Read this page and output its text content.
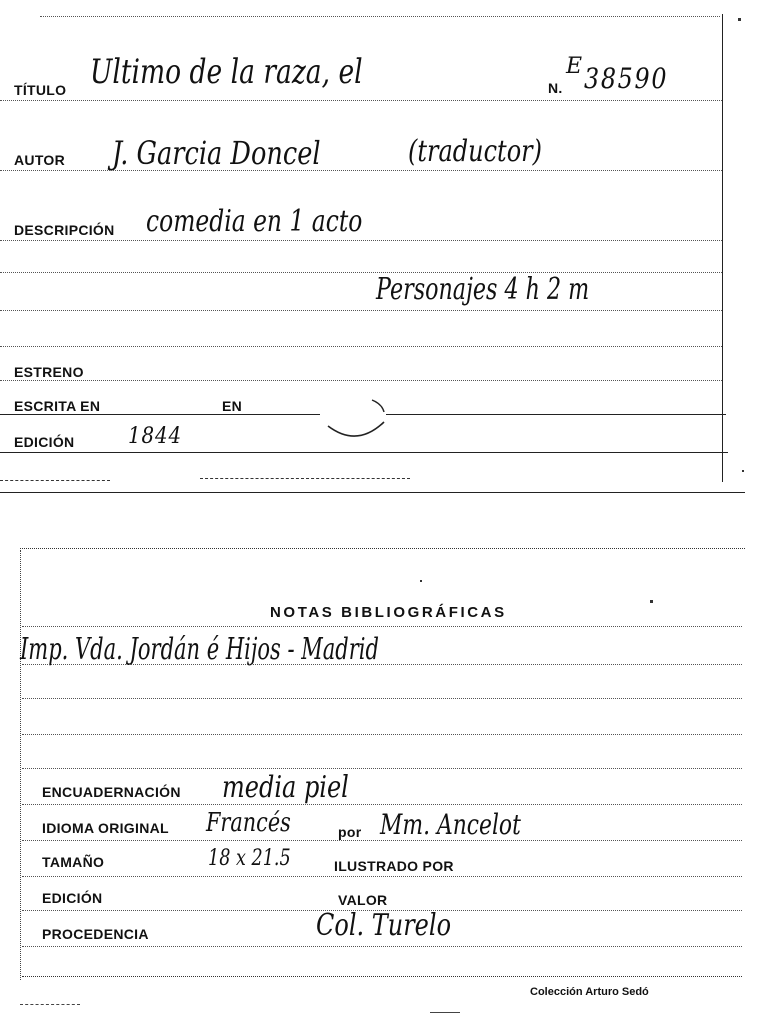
TÍTULO Ultimo de la raza, el	N.
E 38590
AUTOR J. Garcia Doncel	(traductor)
DESCRIPCIÓN comedia en 1 acto
Personajes 4 h 2 m
ESTRENO
ESCRITA EN	EN
EDICIÓN 1844
NOTAS BIBLIOGRÁFICAS
Imp. Vda. Jordán é Hijos - Madrid
ENCUADERNACIÓN media piel
IDIOMA ORIGINAL Francés	por Mm. Ancelot
TAMAÑO	18 x 21.5	ILUSTRADO POR
EDICIÓN	VALOR
PROCEDENCIA	Col. Turelo
Colección Arturo Sedó
